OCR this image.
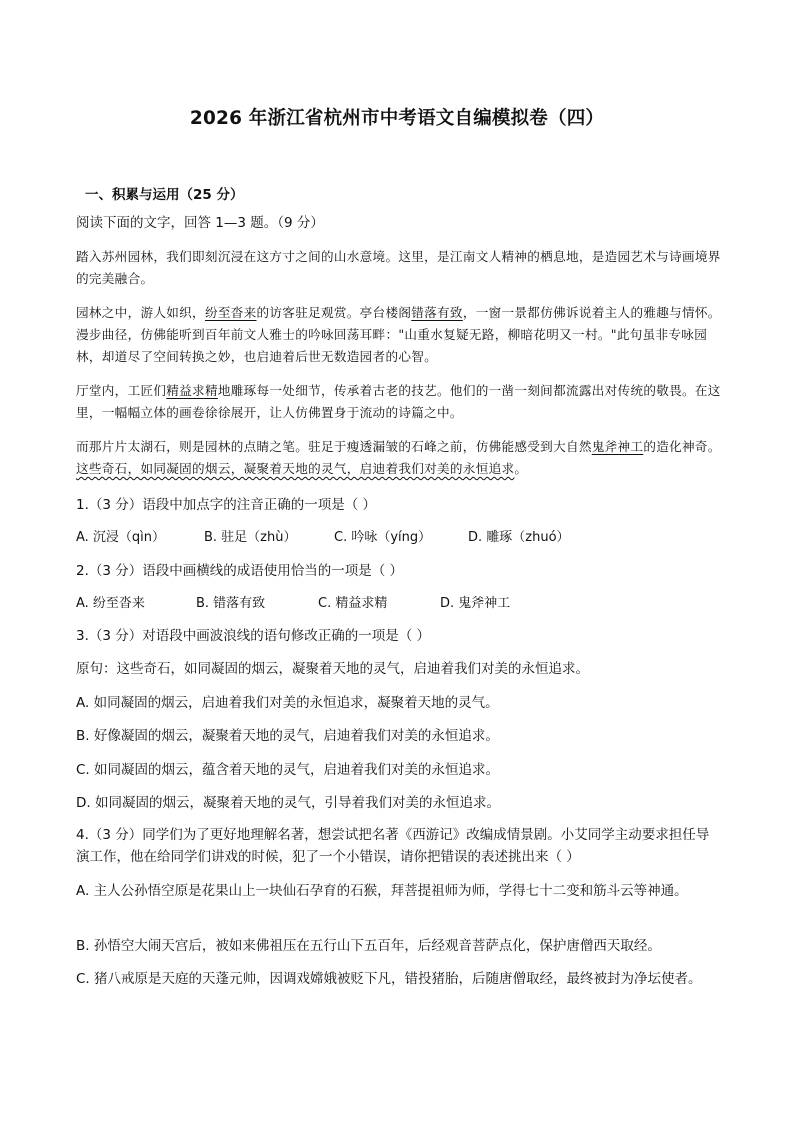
2026 年浙江省杭州市中考语文自编模拟卷（四）
一、积累与运用（25 分）
阅读下面的文字，回答 1—3 题。（9 分）
踏入苏州园林，我们即刻沉浸在这方寸之间的山水意境。这里，是江南文人精神的栖息地，是造园艺术与诗画境界的完美融合。
园林之中，游人如织，纷至沓来的访客驻足观赏。亭台楼阁错落有致，一窗一景都仿佛诉说着主人的雅趣与情怀。漫步曲径，仿佛能听到百年前文人雅士的吟咏回荡耳畔："山重水复疑无路，柳暗花明又一村。"此句虽非专咏园林，却道尽了空间转换之妙，也启迪着后世无数造园者的心智。
厅堂内，工匠们精益求精地雕琢每一处细节，传承着古老的技艺。他们的一凿一刻间都流露出对传统的敬畏。在这里，一幅幅立体的画卷徐徐展开，让人仿佛置身于流动的诗篇之中。
而那片片太湖石，则是园林的点睛之笔。驻足于瘦透漏皱的石峰之前，仿佛能感受到大自然鬼斧神工的造化神奇。这些奇石，如同凝固的烟云，凝聚着天地的灵气，启迪着我们对美的永恒追求。
1.（3 分）语段中加点字的注音正确的一项是（ ）
A. 沉浸（qìn）	B. 驻足（zhù）	C. 吟咏（yíng）	D. 雕琢（zhuó）
2.（3 分）语段中画横线的成语使用恰当的一项是（ ）
A. 纷至沓来	B. 错落有致	C. 精益求精	D. 鬼斧神工
3.（3 分）对语段中画波浪线的语句修改正确的一项是（ ）
原句：这些奇石，如同凝固的烟云，凝聚着天地的灵气，启迪着我们对美的永恒追求。
A. 如同凝固的烟云，启迪着我们对美的永恒追求，凝聚着天地的灵气。
B. 好像凝固的烟云，凝聚着天地的灵气，启迪着我们对美的永恒追求。
C. 如同凝固的烟云，蕴含着天地的灵气，启迪着我们对美的永恒追求。
D. 如同凝固的烟云，凝聚着天地的灵气，引导着我们对美的永恒追求。
4.（3 分）同学们为了更好地理解名著，想尝试把名著《西游记》改编成情景剧。小艾同学主动要求担任导演工作，他在给同学们讲戏的时候，犯了一个小错误，请你把错误的表述挑出来（ ）
A. 主人公孙悟空原是花果山上一块仙石孕育的石猴，拜菩提祖师为师，学得七十二变和筋斗云等神通。
B. 孙悟空大闹天宫后，被如来佛祖压在五行山下五百年，后经观音菩萨点化，保护唐僧西天取经。
C. 猪八戒原是天庭的天蓬元帅，因调戏嫦娥被贬下凡，错投猪胎，后随唐僧取经，最终被封为净坛使者。
